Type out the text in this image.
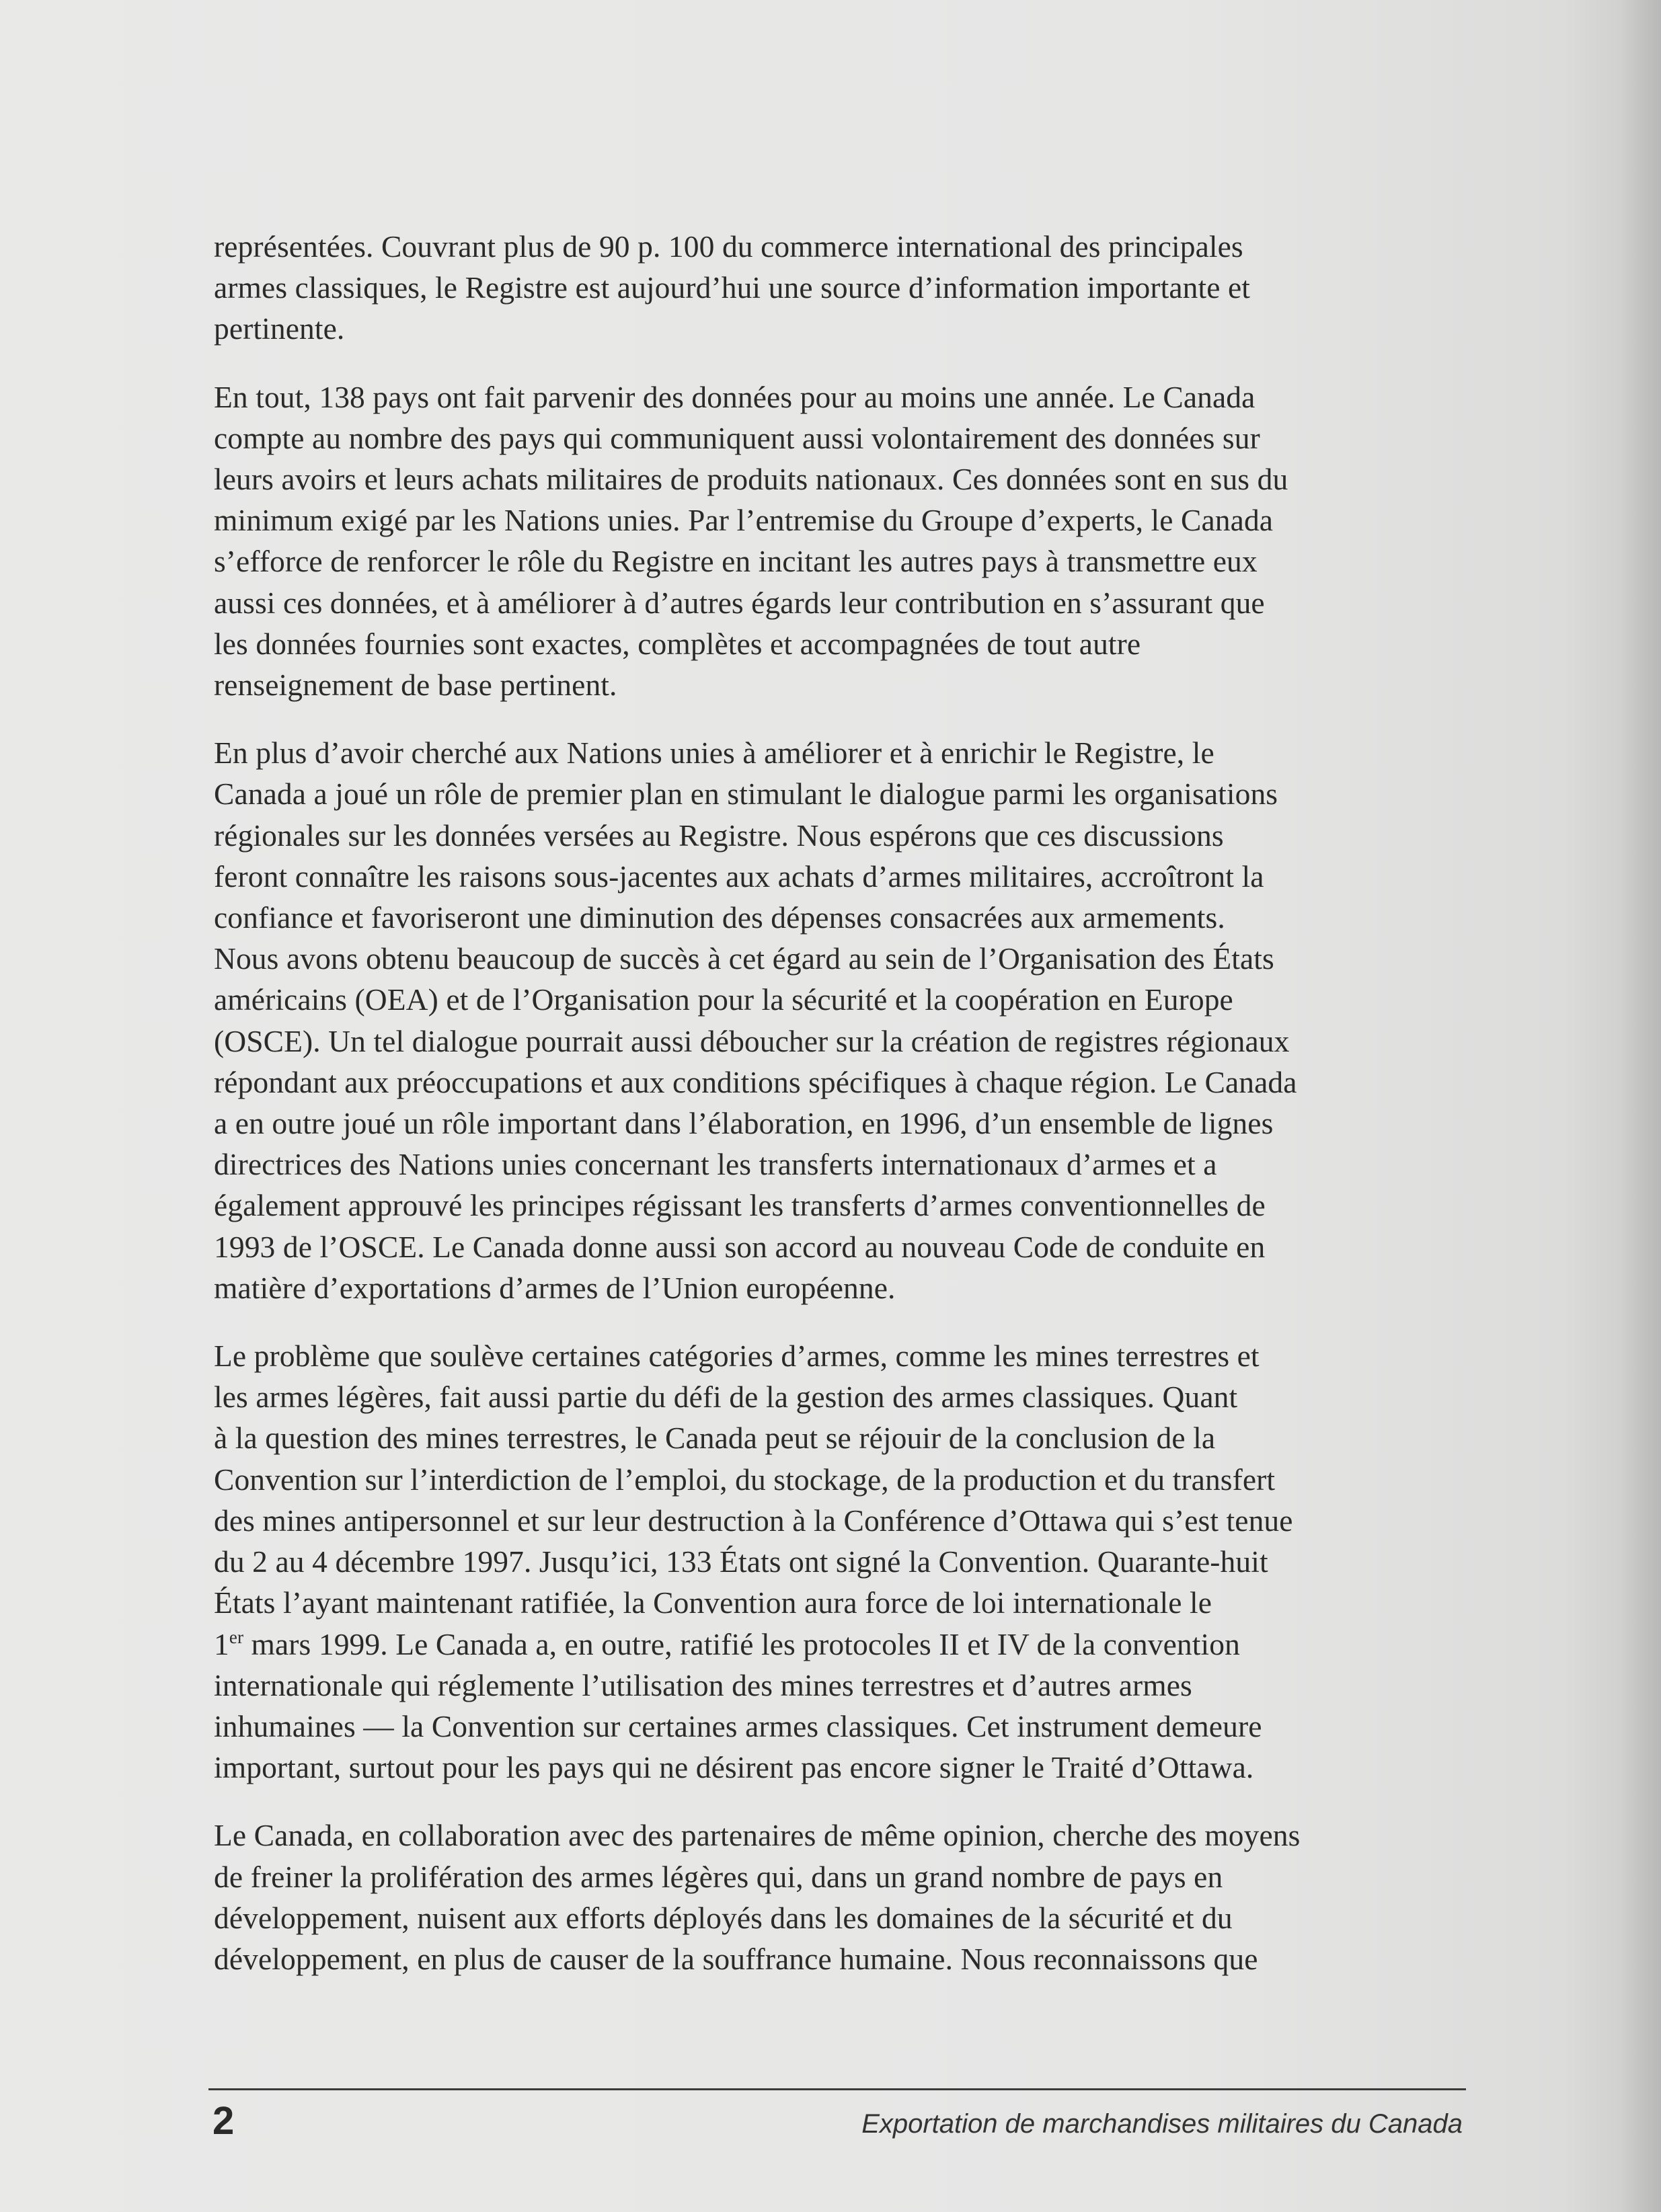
représentées. Couvrant plus de 90 p. 100 du commerce international des principales
armes classiques, le Registre est aujourd’hui une source d’information importante et
pertinente.

En tout, 138 pays ont fait parvenir des données pour au moins une année. Le Canada
compte au nombre des pays qui communiquent aussi volontairement des données sur
leurs avoirs et leurs achats militaires de produits nationaux. Ces données sont en sus du
minimum exigé par les Nations unies. Par l’entremise du Groupe d’experts, le Canada
s’efforce de renforcer le rôle du Registre en incitant les autres pays à transmettre eux
aussi ces données, et à améliorer à d’autres égards leur contribution en s’assurant que
les données fournies sont exactes, complètes et accompagnées de tout autre
renseignement de base pertinent.

En plus d’avoir cherché aux Nations unies à améliorer et à enrichir le Registre, le
Canada a joué un rôle de premier plan en stimulant le dialogue parmi les organisations
régionales sur les données versées au Registre. Nous espérons que ces discussions
feront connaître les raisons sous-jacentes aux achats d’armes militaires, accroîtront la
confiance et favoriseront une diminution des dépenses consacrées aux armements.
Nous avons obtenu beaucoup de succès à cet égard au sein de l’Organisation des États
américains (OEA) et de l’Organisation pour la sécurité et la coopération en Europe
(OSCE). Un tel dialogue pourrait aussi déboucher sur la création de registres régionaux
répondant aux préoccupations et aux conditions spécifiques à chaque région. Le Canada
a en outre joué un rôle important dans l’élaboration, en 1996, d’un ensemble de lignes
directrices des Nations unies concernant les transferts internationaux d’armes et a
également approuvé les principes régissant les transferts d’armes conventionnelles de
1993 de l’OSCE. Le Canada donne aussi son accord au nouveau Code de conduite en
matière d’exportations d’armes de l’Union européenne.

Le problème que soulève certaines catégories d’armes, comme les mines terrestres et
les armes légères, fait aussi partie du défi de la gestion des armes classiques. Quant
à la question des mines terrestres, le Canada peut se réjouir de la conclusion de la
Convention sur l’interdiction de l’emploi, du stockage, de la production et du transfert
des mines antipersonnel et sur leur destruction à la Conférence d’Ottawa qui s’est tenue
du 2 au 4 décembre 1997. Jusqu’ici, 133 États ont signé la Convention. Quarante-huit
États l’ayant maintenant ratifiée, la Convention aura force de loi internationale le
1er mars 1999. Le Canada a, en outre, ratifié les protocoles II et IV de la convention
internationale qui réglemente l’utilisation des mines terrestres et d’autres armes
inhumaines — la Convention sur certaines armes classiques. Cet instrument demeure
important, surtout pour les pays qui ne désirent pas encore signer le Traité d’Ottawa.

Le Canada, en collaboration avec des partenaires de même opinion, cherche des moyens
de freiner la prolifération des armes légères qui, dans un grand nombre de pays en
développement, nuisent aux efforts déployés dans les domaines de la sécurité et du
développement, en plus de causer de la souffrance humaine. Nous reconnaissons que

2	Exportation de marchandises militaires du Canada
